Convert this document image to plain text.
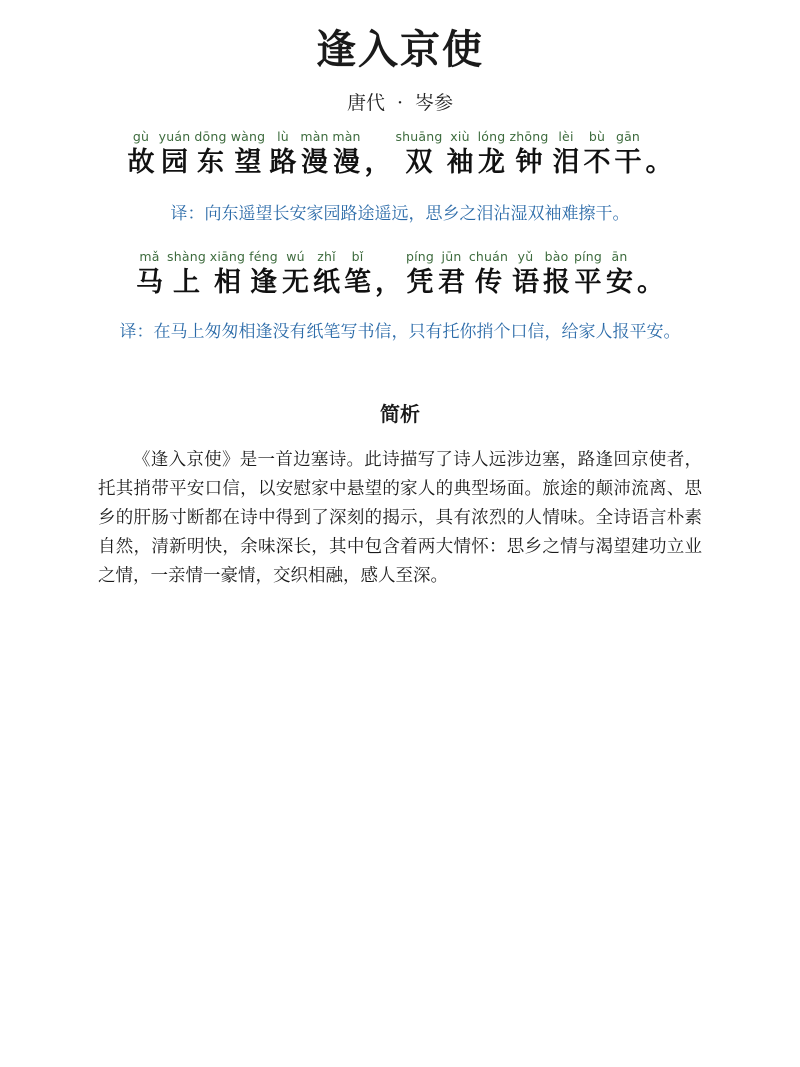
逢入京使
唐代 · 岑参
gù
故
yuán
园
dōng
东
wàng
望
lù
路
màn
漫
màn
漫 ，
shuāng
双
xiù
袖
lóng
龙
zhōng
钟
lèi
泪
bù
不
gān
干 。
译：向东遥望长安家园路途遥远，思乡之泪沾湿双袖难擦干。
mǎ
马
shàng
上
xiāng
相
féng
逢
wú
无
zhǐ
纸
bǐ
笔 ，
píng
凭
jūn
君
chuán
传
yǔ
语
bào
报
píng
平
ān
安 。
译：在马上匆匆相逢没有纸笔写书信，只有托你捎个口信，给家人报平安。
简析
《逢入京使》是一首边塞诗。此诗描写了诗人远涉边塞，路逢回京使者，托其捎带平安口信，以安慰家中悬望的家人的典型场面。旅途的颠沛流离、思乡的肝肠寸断都在诗中得到了深刻的揭示，具有浓烈的人情味。全诗语言朴素自然，清新明快，余味深长，其中包含着两大情怀：思乡之情与渴望建功立业之情，一亲情一豪情，交织相融，感人至深。
